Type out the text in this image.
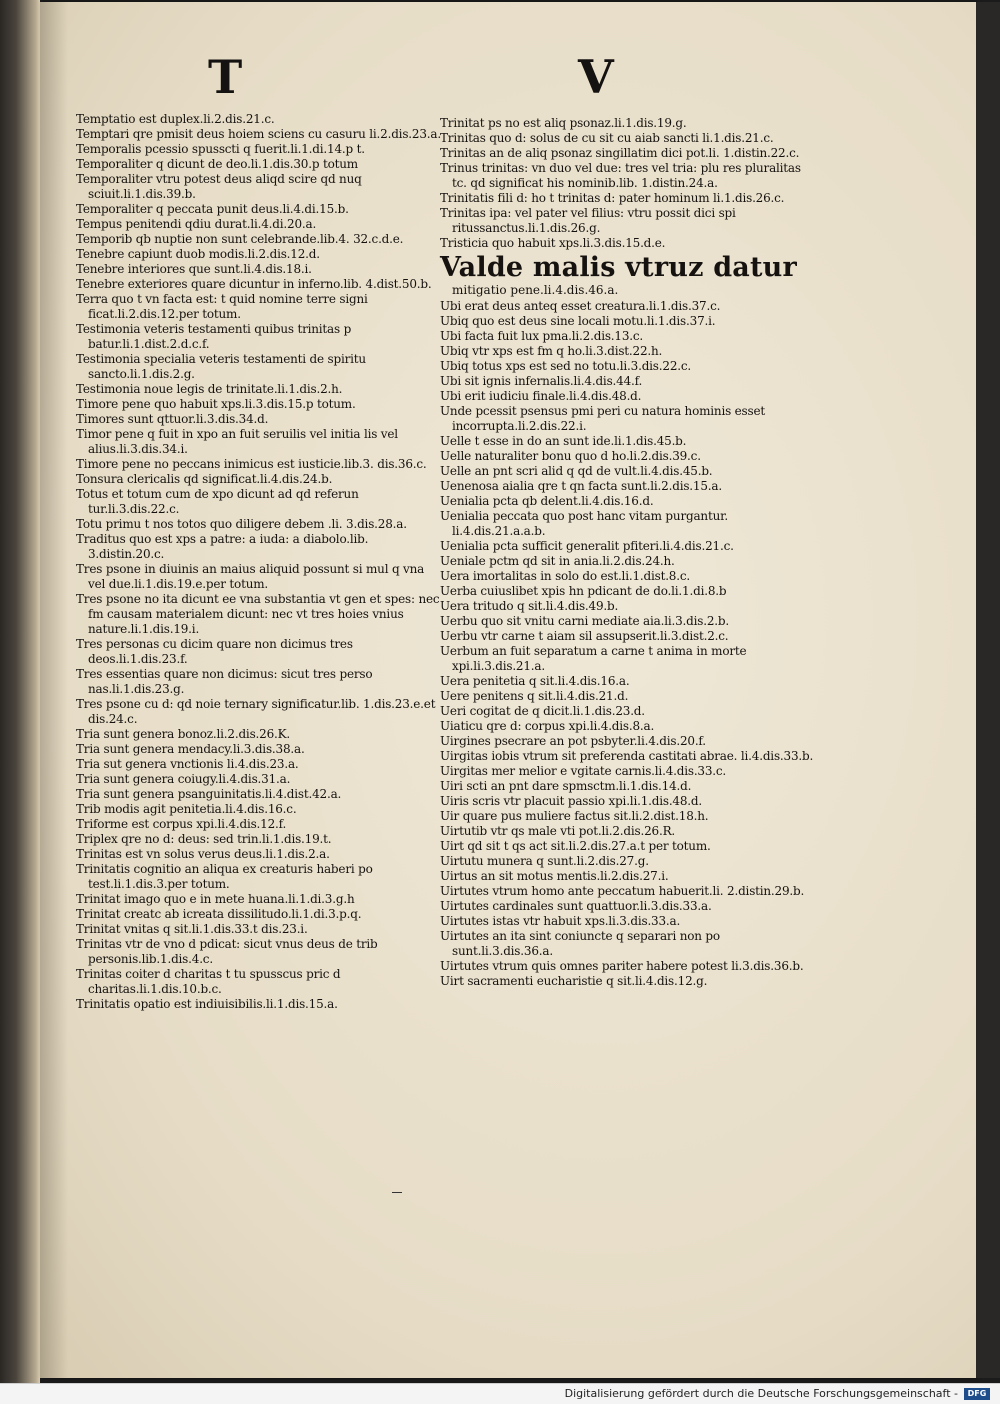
T	V

Temptatio est duplex.li.2.dis.21.c.

Temptari qre pmisit deus hoiem sciens cu casuru li.2.dis.23.a.

Temporalis pcessio spusscti q fuerit.li.1.di.14.p t.

Temporaliter q dicunt de deo.li.1.dis.30.p totum

Temporaliter vtru potest deus aliqd scire qd nuq sciuit.li.1.dis.39.b.

Temporaliter q peccata punit deus.li.4.di.15.b.

Tempus penitendi qdiu durat.li.4.di.20.a.

Temporib qb nuptie non sunt celebrande.lib.4. 32.c.d.e.

Tenebre capiunt duob modis.li.2.dis.12.d.

Tenebre interiores que sunt.li.4.dis.18.i.

Tenebre exteriores quare dicuntur in inferno.lib. 4.dist.50.b.

Terra quo t vn facta est: t quid nomine terre signi ficat.li.2.dis.12.per totum.

Testimonia veteris testamenti quibus trinitas p batur.li.1.dist.2.d.c.f.

Testimonia specialia veteris testamenti de spiritu sancto.li.1.dis.2.g.

Testimonia noue legis de trinitate.li.1.dis.2.h.

Timore pene quo habuit xps.li.3.dis.15.p totum.

Timores sunt qttuor.li.3.dis.34.d.

Timor pene q fuit in xpo an fuit seruilis vel initia lis vel alius.li.3.dis.34.i.

Timore pene no peccans inimicus est iusticie.lib.3. dis.36.c.

Tonsura clericalis qd significat.li.4.dis.24.b.

Totus et totum cum de xpo dicunt ad qd referun tur.li.3.dis.22.c.

Totu primu t nos totos quo diligere debem .li. 3.dis.28.a.

Traditus quo est xps a patre: a iuda: a diabolo.lib. 3.distin.20.c.

Tres psone in diuinis an maius aliquid possunt si mul q vna vel due.li.1.dis.19.e.per totum.

Tres psone no ita dicunt ee vna substantia vt gen et spes: nec fm causam materialem dicunt: nec vt tres hoies vnius nature.li.1.dis.19.i.

Tres personas cu dicim quare non dicimus tres deos.li.1.dis.23.f.

Tres essentias quare non dicimus: sicut tres perso nas.li.1.dis.23.g.

Tres psone cu d: qd noie ternary significatur.lib. 1.dis.23.e.et dis.24.c.

Tria sunt genera bonoz.li.2.dis.26.K.

Tria sunt genera mendacy.li.3.dis.38.a.

Tria sut genera vnctionis li.4.dis.23.a.

Tria sunt genera coiugy.li.4.dis.31.a.

Tria sunt genera psanguinitatis.li.4.dist.42.a.

Trib modis agit penitetia.li.4.dis.16.c.

Triforme est corpus xpi.li.4.dis.12.f.

Triplex qre no d: deus: sed trin.li.1.dis.19.t.

Trinitas est vn solus verus deus.li.1.dis.2.a.

Trinitatis cognitio an aliqua ex creaturis haberi po test.li.1.dis.3.per totum.

Trinitat imago quo e in mete huana.li.1.di.3.g.h

Trinitat creatc ab icreata dissilitudo.li.1.di.3.p.q.

Trinitat vnitas q sit.li.1.dis.33.t dis.23.i.

Trinitas vtr de vno d pdicat: sicut vnus deus de trib personis.lib.1.dis.4.c.

Trinitas coiter d charitas t tu spusscus pric d charitas.li.1.dis.10.b.c.

Trinitatis opatio est indiuisibilis.li.1.dis.15.a.

Trinitat ps no est aliq psonaz.li.1.dis.19.g.

Trinitas quo d: solus de cu sit cu aiab sancti li.1.dis.21.c.

Trinitas an de aliq psonaz singillatim dici pot.li. 1.distin.22.c.

Trinus trinitas: vn duo vel due: tres vel tria: plu res pluralitas tc. qd significat his nominib.lib. 1.distin.24.a.

Trinitatis fili d: ho t trinitas d: pater hominum li.1.dis.26.c.

Trinitas ipa: vel pater vel filius: vtru possit dici spi ritussanctus.li.1.dis.26.g.

Tristicia quo habuit xps.li.3.dis.15.d.e.

Valde malis vtruz datur
mitigatio pene.li.4.dis.46.a.

Ubi erat deus anteq esset creatura.li.1.dis.37.c.

Ubiq quo est deus sine locali motu.li.1.dis.37.i.

Ubi facta fuit lux pma.li.2.dis.13.c.

Ubiq vtr xps est fm q ho.li.3.dist.22.h.

Ubiq totus xps est sed no totu.li.3.dis.22.c.

Ubi sit ignis infernalis.li.4.dis.44.f.

Ubi erit iudiciu finale.li.4.dis.48.d.

Unde pcessit psensus pmi peri cu natura hominis esset incorrupta.li.2.dis.22.i.

Uelle t esse in do an sunt ide.li.1.dis.45.b.

Uelle naturaliter bonu quo d ho.li.2.dis.39.c.

Uelle an pnt scri alid q qd de vult.li.4.dis.45.b.

Uenenosa aialia qre t qn facta sunt.li.2.dis.15.a.

Uenialia pcta qb delent.li.4.dis.16.d.

Uenialia peccata quo post hanc vitam purgantur. li.4.dis.21.a.a.b.

Uenialia pcta sufficit generalit pfiteri.li.4.dis.21.c.

Ueniale pctm qd sit in ania.li.2.dis.24.h.

Uera imortalitas in solo do est.li.1.dist.8.c.

Uerba cuiuslibet xpis hn pdicant de do.li.1.di.8.b

Uera tritudo q sit.li.4.dis.49.b.

Uerbu quo sit vnitu carni mediate aia.li.3.dis.2.b.

Uerbu vtr carne t aiam sil assupserit.li.3.dist.2.c.

Uerbum an fuit separatum a carne t anima in morte xpi.li.3.dis.21.a.

Uera penitetia q sit.li.4.dis.16.a.

Uere penitens q sit.li.4.dis.21.d.

Ueri cogitat de q dicit.li.1.dis.23.d.

Uiaticu qre d: corpus xpi.li.4.dis.8.a.

Uirgines psecrare an pot psbyter.li.4.dis.20.f.

Uirgitas iobis vtrum sit preferenda castitati abrae. li.4.dis.33.b.

Uirgitas mer melior e vgitate carnis.li.4.dis.33.c.

Uiri scti an pnt dare spmsctm.li.1.dis.14.d.

Uiris scris vtr placuit passio xpi.li.1.dis.48.d.

Uir quare pus muliere factus sit.li.2.dist.18.h.

Uirtutib vtr qs male vti pot.li.2.dis.26.R.

Uirt qd sit t qs act sit.li.2.dis.27.a.t per totum.

Uirtutu munera q sunt.li.2.dis.27.g.

Uirtus an sit motus mentis.li.2.dis.27.i.

Uirtutes vtrum homo ante peccatum habuerit.li. 2.distin.29.b.

Uirtutes cardinales sunt quattuor.li.3.dis.33.a.

Uirtutes istas vtr habuit xps.li.3.dis.33.a.

Uirtutes an ita sint coniuncte q separari non po sunt.li.3.dis.36.a.

Uirtutes vtrum quis omnes pariter habere potest li.3.dis.36.b.

Uirt sacramenti eucharistie q sit.li.4.dis.12.g.

Digitalisierung gefördert durch die Deutsche Forschungsgemeinschaft -	DFG
